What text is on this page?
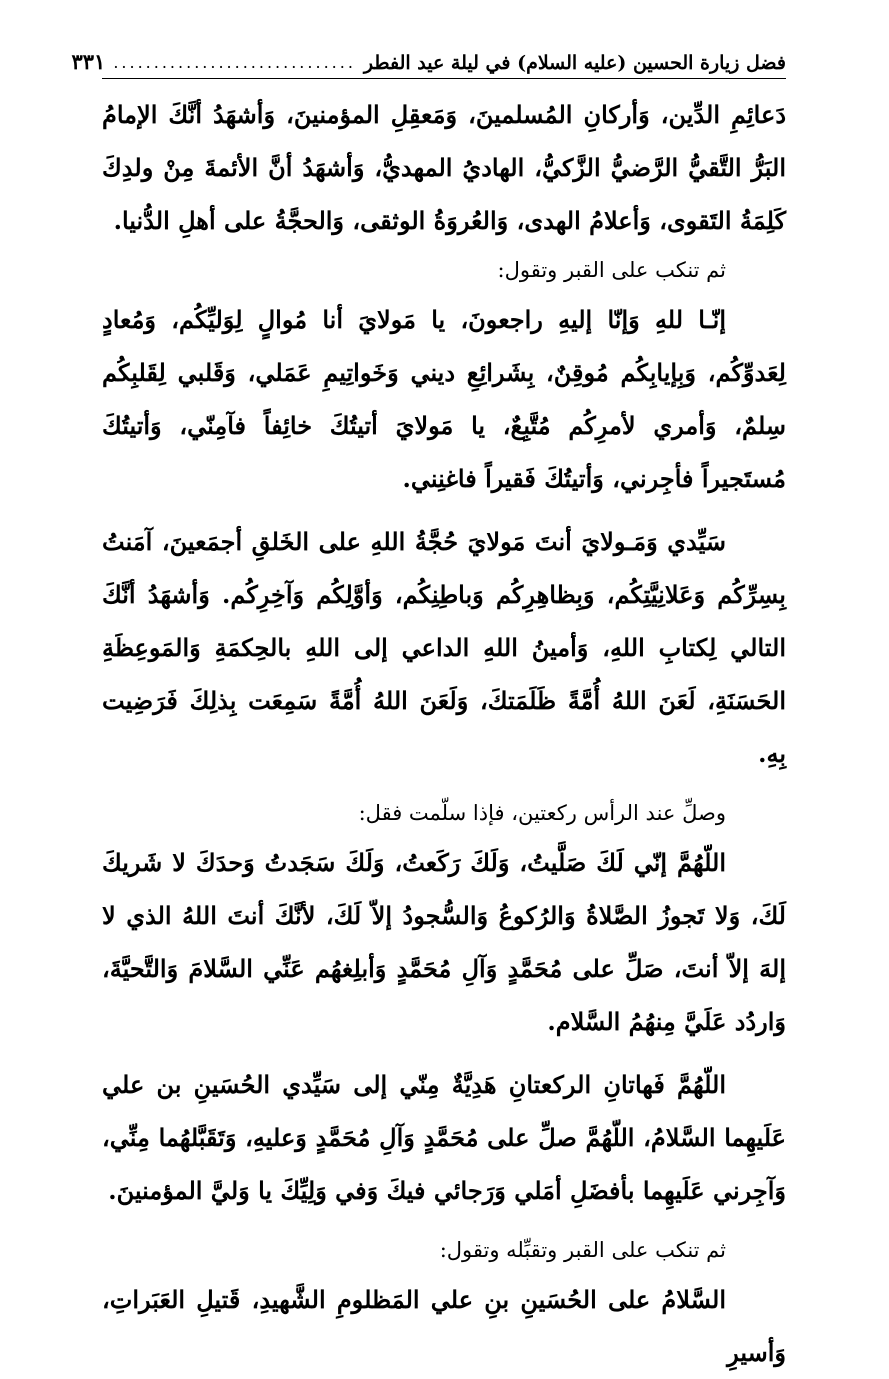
فضل زيارة الحسين (عليه السلام) في ليلة عيد الفطر
..............................
٣٣١

دَعائِمِ الدِّين، وَأركانِ المُسلمينَ، وَمَعقِلِ المؤمنينَ، وَأشهَدُ أنَّكَ الإمامُ البَرُّ التَّقيُّ الرَّضيُّ الزَّكيُّ، الهاديُ المهديُّ، وَأشهَدُ أنَّ الأئمةَ مِنْ ولدِكَ كَلِمَةُ التَقوى، وَأعلامُ الهدى، وَالعُروَةُ الوثقى، وَالحجَّةُ على أهلِ الدُّنيا.

ثم تنكب على القبر وتقول:

إنّـا للهِ وَإنّا إليهِ راجعونَ، يا مَولايَ أنا مُوالٍ لِوَليِّكُم، وَمُعادٍ لِعَدوِّكُم، وَبِإيابِكُم مُوقِنٌ، بِشَرائِعِ ديني وَخَواتِيمِ عَمَلي، وَقَلبي لِقَلبِكُم سِلمٌ، وَأمري لأمرِكُم مُتَّبِعٌ، يا مَولايَ أتيتُكَ خائِفاً فآمِنّي، وَأتيتُكَ مُستَجيراً فأجِرني، وَأتيتُكَ فَقيراً فاغنِني.

سَيِّدي وَمَـولايَ أنتَ مَولايَ حُجَّةُ اللهِ على الخَلقِ أجمَعينَ، آمَنتُ بِسِرِّكُم وَعَلانِيَّتِكُم، وَبِظاهِرِكُم وَباطِنِكُم، وَأوَّلِكُم وَآخِرِكُم. وَأشهَدُ أنَّكَ التالي لِكتابِ اللهِ، وَأمينُ اللهِ الداعي إلى اللهِ بالحِكمَةِ وَالمَوعِظَةِ الحَسَنَةِ، لَعَنَ اللهُ أُمَّةً ظَلَمَتكَ، وَلَعَنَ اللهُ أُمَّةً سَمِعَت بِذلِكَ فَرَضِيت بِهِ.

وصلِّ عند الرأس ركعتين، فإذا سلّمت فقل:

اللّهُمَّ إنّي لَكَ صَلَّيتُ، وَلَكَ رَكَعتُ، وَلَكَ سَجَدتُ وَحدَكَ لا شَريكَ لَكَ، وَلا تَجوزُ الصَّلاةُ وَالرُكوعُ وَالسُّجودُ إلاّ لَكَ، لأنَّكَ أنتَ اللهُ الذي لا إلهَ إلاّ أنتَ، صَلِّ على مُحَمَّدٍ وَآلِ مُحَمَّدٍ وَأبلِغهُم عَنِّي السَّلامَ وَالتَّحيَّةَ، وَاردُد عَلَيَّ مِنهُمُ السَّلام.

اللّهُمَّ فَهاتانِ الركعتانِ هَدِيَّةٌ مِنّي إلى سَيِّدي الحُسَينِ بن علي عَلَيهِما السَّلامُ، اللّهُمَّ صلِّ على مُحَمَّدٍ وَآلِ مُحَمَّدٍ وَعليهِ، وَتَقَبَّلهُما مِنِّي، وَآجِرني عَلَيهِما بأفضَلِ أمَلي وَرَجائي فيكَ وَفي وَلِيِّكَ يا وَليَّ المؤمنينَ.

ثم تنكب على القبر وتقبِّله وتقول:

السَّلامُ على الحُسَينِ بنِ علي المَظلومِ الشَّهيدِ، قَتيلِ العَبَراتِ، وَأسيرِ
